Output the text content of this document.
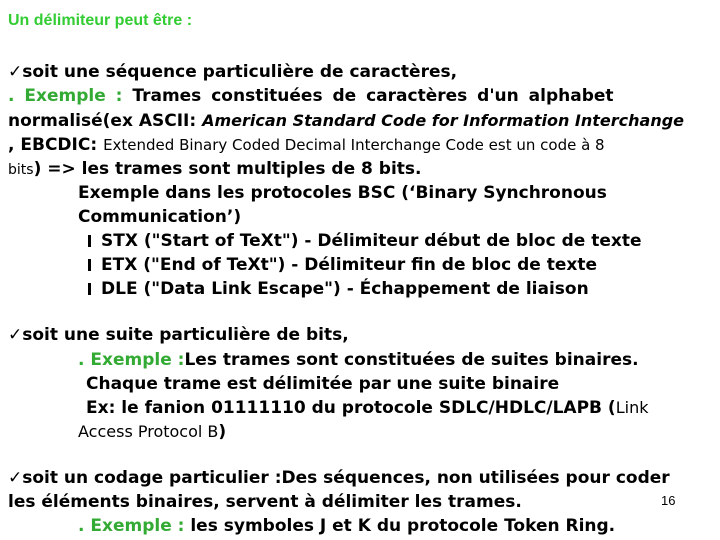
Un délimiteur peut être :
✓soit une séquence particulière de caractères,
. Exemple : Trames constituées de caractères d'un alphabet
normalisé(ex ASCII: American Standard Code for Information Interchange
, EBCDIC: Extended Binary Coded Decimal Interchange Code est un code à 8
bits) => les trames sont multiples de 8 bits.
Exemple dans les protocoles BSC (‘Binary Synchronous
Communication’)
STX ("Start of TeXt") - Délimiteur début de bloc de texte
ETX ("End of TeXt") - Délimiteur fin de bloc de texte
DLE ("Data Link Escape") - Échappement de liaison
✓soit une suite particulière de bits,
. Exemple :Les trames sont constituées de suites binaires.
Chaque trame est délimitée par une suite binaire
Ex: le fanion 01111110 du protocole SDLC/HDLC/LAPB (Link
Access Protocol B)
✓soit un codage particulier :Des séquences, non utilisées pour coder
les éléments binaires, servent à délimiter les trames.
. Exemple : les symboles J et K du protocole Token Ring.
16
